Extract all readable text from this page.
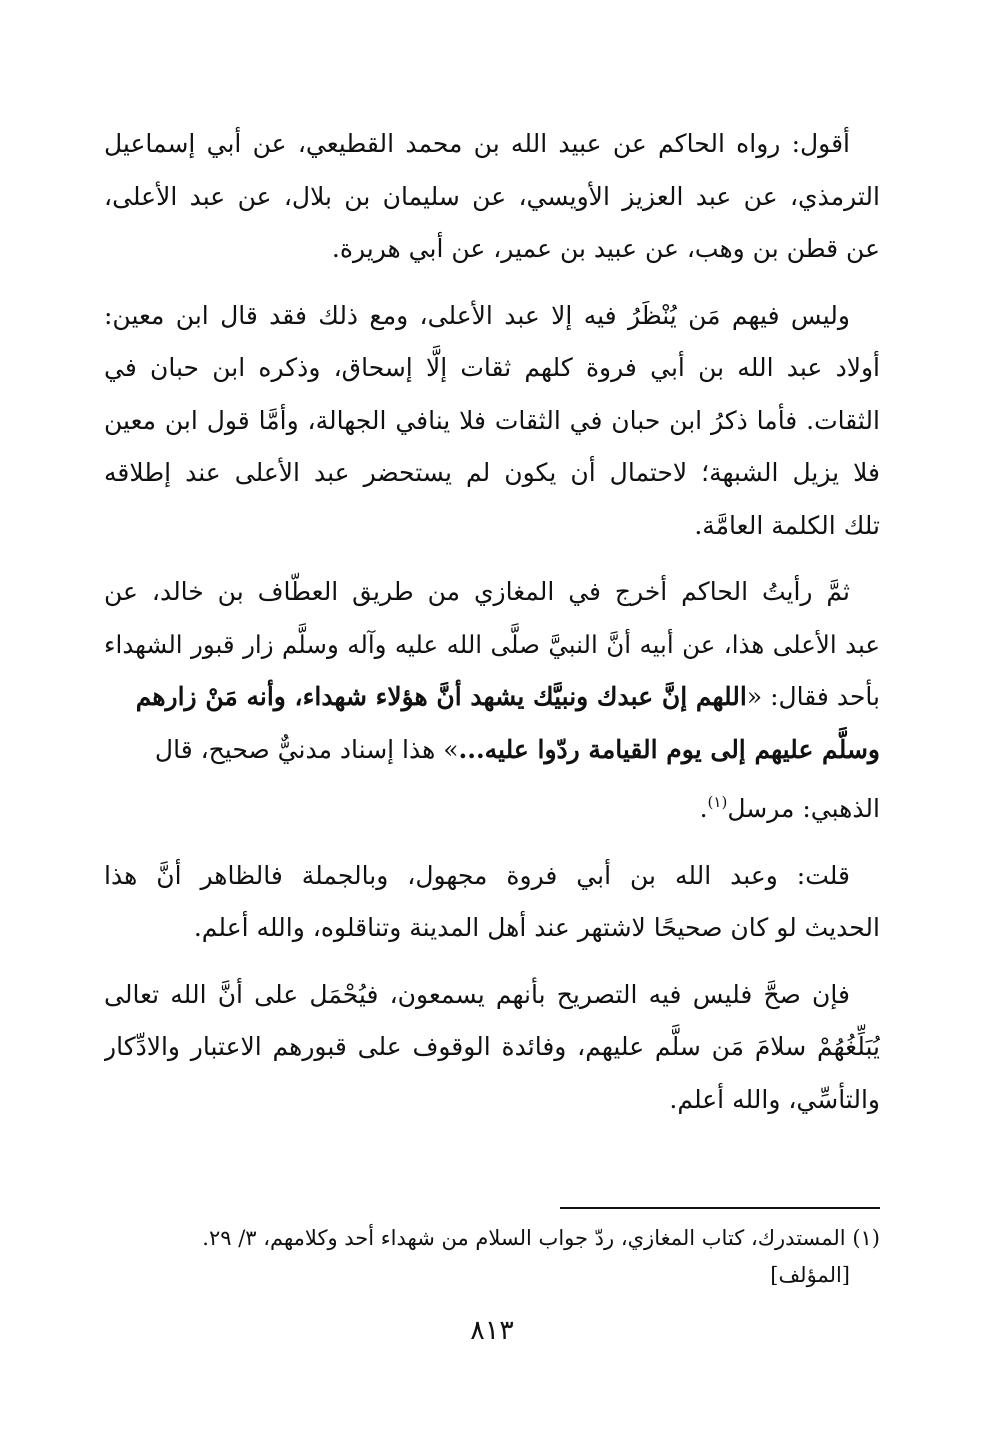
أقول: رواه الحاكم عن عبيد الله بن محمد القطيعي، عن أبي إسماعيل
الترمذي، عن عبد العزيز الأويسي، عن سليمان بن بلال، عن عبد الأعلى،
عن قطن بن وهب، عن عبيد بن عمير، عن أبي هريرة.

وليس فيهم مَن يُنْظَرُ فيه إلا عبد الأعلى، ومع ذلك فقد قال ابن معين:
أولاد عبد الله بن أبي فروة كلهم ثقات إلَّا إسحاق، وذكره ابن حبان في
الثقات. فأما ذكرُ ابن حبان في الثقات فلا ينافي الجهالة، وأمَّا قول ابن معين
فلا يزيل الشبهة؛ لاحتمال أن يكون لم يستحضر عبد الأعلى عند إطلاقه
تلك الكلمة العامَّة.

ثمَّ رأيتُ الحاكم أخرج في المغازي من طريق العطّاف بن خالد، عن
عبد الأعلى هذا، عن أبيه أنَّ النبيَّ صلَّى الله عليه وآله وسلَّم زار قبور الشهداء
بأحد فقال: «اللهم إنَّ عبدك ونبيَّك يشهد أنَّ هؤلاء شهداء، وأنه مَنْ زارهم
وسلَّم عليهم إلى يوم القيامة ردّوا عليه...» هذا إسناد مدنيٌّ صحيح، قال
الذهبي: مرسل$^{(١)}$.

قلت: وعبد الله بن أبي فروة مجهول، وبالجملة فالظاهر أنَّ هذا
الحديث لو كان صحيحًا لاشتهر عند أهل المدينة وتناقلوه، والله أعلم.

فإن صحَّ فليس فيه التصريح بأنهم يسمعون، فيُحْمَل على أنَّ الله تعالى
يُبَلِّغُهُمْ سلامَ مَن سلَّم عليهم، وفائدة الوقوف على قبورهم الاعتبار والادِّكار
والتأسِّي، والله أعلم.

(١) المستدرك، كتاب المغازي، ردّ جواب السلام من شهداء أحد وكلامهم، ٣/ ٢٩.
[المؤلف]
٨١٣
